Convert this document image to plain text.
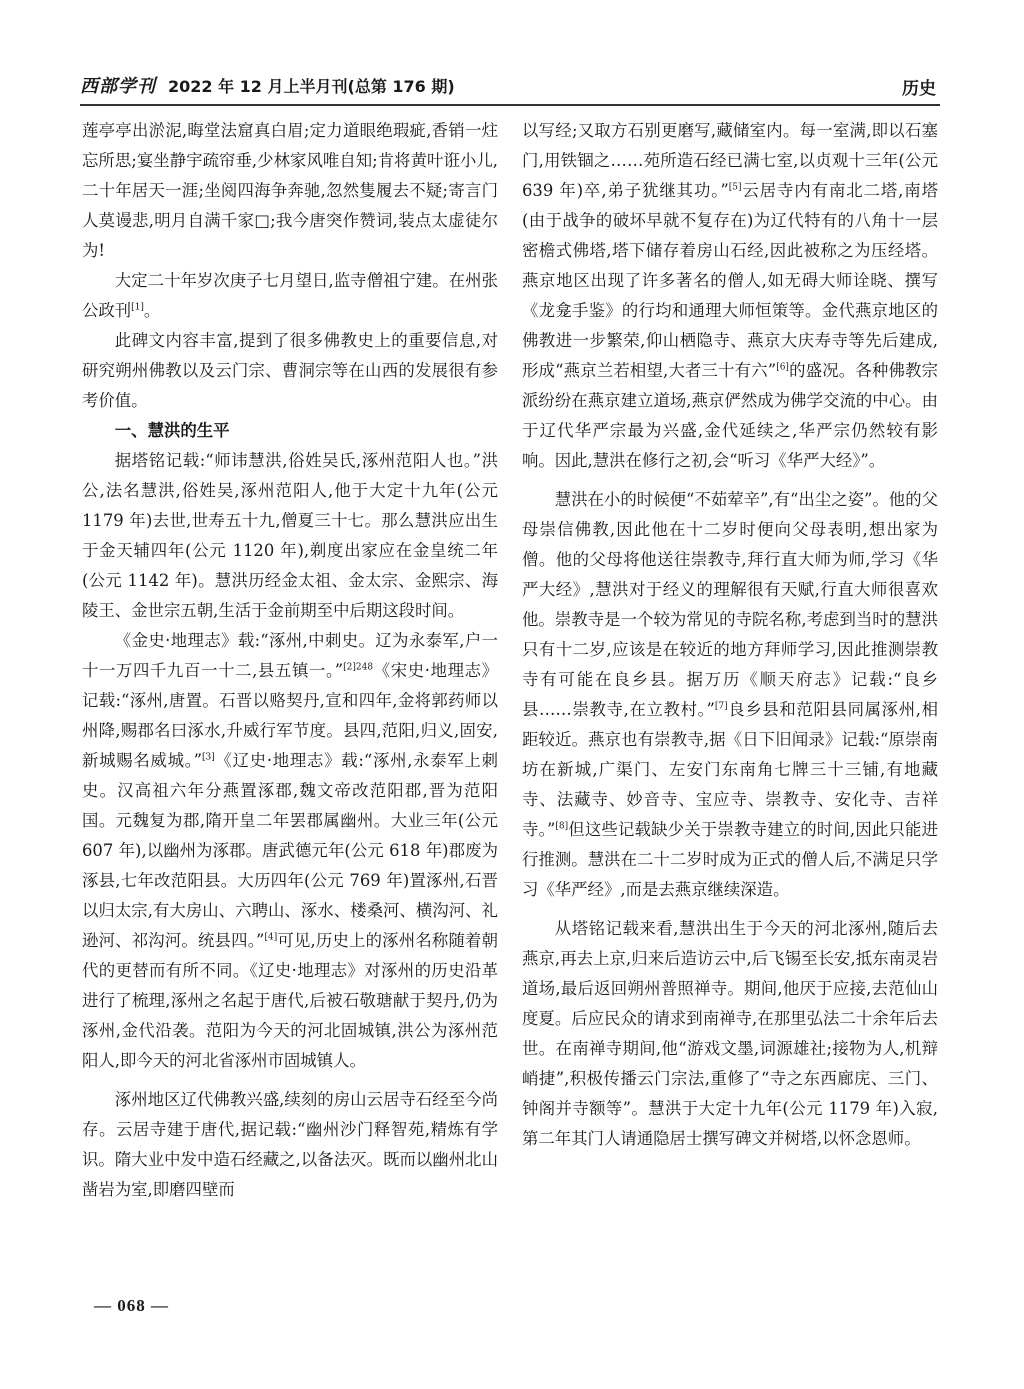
西部学刊 2022 年 12 月上半月刊(总第 176 期)	历史

莲亭亭出淤泥,晦堂法窟真白眉;定力道眼绝瑕疵,香销一炷忘所思;宴坐静宇疏帘垂,少林家风唯自知;肯将黄叶诳小儿,二十年居天一涯;坐阅四海争奔驰,忽然隻履去不疑;寄言门人莫谩悲,明月自满千家□;我今唐突作赞词,装点太虚徒尔为!

大定二十年岁次庚子七月望日,监寺僧祖宁建。在州张公政刊[1]。

此碑文内容丰富,提到了很多佛教史上的重要信息,对研究朔州佛教以及云门宗、曹洞宗等在山西的发展很有参考价值。

一、慧洪的生平

据塔铭记载:“师讳慧洪,俗姓吴氏,涿州范阳人也。”洪公,法名慧洪,俗姓吴,涿州范阳人,他于大定十九年(公元 1179 年)去世,世寿五十九,僧夏三十七。那么慧洪应出生于金天辅四年(公元 1120 年),剃度出家应在金皇统二年(公元 1142 年)。慧洪历经金太祖、金太宗、金熙宗、海陵王、金世宗五朝,生活于金前期至中后期这段时间。

《金史·地理志》载:“涿州,中刺史。辽为永泰军,户一十一万四千九百一十二,县五镇一。”$^{[2]248}$《宋史·地理志》记载:“涿州,唐置。石晋以赂契丹,宣和四年,金将郭药师以州降,赐郡名曰涿水,升威行军节度。县四,范阳,归义,固安,新城赐名威城。”[3]《辽史·地理志》载:“涿州,永泰军上刺史。汉高祖六年分燕置涿郡,魏文帝改范阳郡,晋为范阳国。元魏复为郡,隋开皇二年罢郡属幽州。大业三年(公元 607 年),以幽州为涿郡。唐武德元年(公元 618 年)郡废为涿县,七年改范阳县。大历四年(公元 769 年)置涿州,石晋以归太宗,有大房山、六聘山、涿水、楼桑河、横沟河、礼逊河、祁沟河。统县四。”[4]可见,历史上的涿州名称随着朝代的更替而有所不同。《辽史·地理志》对涿州的历史沿革进行了梳理,涿州之名起于唐代,后被石敬瑭献于契丹,仍为涿州,金代沿袭。范阳为今天的河北固城镇,洪公为涿州范阳人,即今天的河北省涿州市固城镇人。

涿州地区辽代佛教兴盛,续刻的房山云居寺石经至今尚存。云居寺建于唐代,据记载:“幽州沙门释智苑,精炼有学识。隋大业中发中造石经藏之,以备法灭。既而以幽州北山凿岩为室,即磨四壁而

以写经;又取方石别更磨写,藏储室内。每一室满,即以石塞门,用铁锢之……苑所造石经已满七室,以贞观十三年(公元 639 年)卒,弟子犹继其功。”[5]云居寺内有南北二塔,南塔(由于战争的破坏早就不复存在)为辽代特有的八角十一层密檐式佛塔,塔下储存着房山石经,因此被称之为压经塔。燕京地区出现了许多著名的僧人,如无碍大师诠晓、撰写《龙龛手鉴》的行均和通理大师恒策等。金代燕京地区的佛教进一步繁荣,仰山栖隐寺、燕京大庆寿寺等先后建成,形成“燕京兰若相望,大者三十有六”[6]的盛况。各种佛教宗派纷纷在燕京建立道场,燕京俨然成为佛学交流的中心。由于辽代华严宗最为兴盛,金代延续之,华严宗仍然较有影响。因此,慧洪在修行之初,会“听习《华严大经》”。

慧洪在小的时候便“不茹荤辛”,有“出尘之姿”。他的父母崇信佛教,因此他在十二岁时便向父母表明,想出家为僧。他的父母将他送往崇教寺,拜行直大师为师,学习《华严大经》,慧洪对于经义的理解很有天赋,行直大师很喜欢他。崇教寺是一个较为常见的寺院名称,考虑到当时的慧洪只有十二岁,应该是在较近的地方拜师学习,因此推测崇教寺有可能在良乡县。据万历《顺天府志》记载:“良乡县……崇教寺,在立教村。”[7]良乡县和范阳县同属涿州,相距较近。燕京也有崇教寺,据《日下旧闻录》记载:“原崇南坊在新城,广渠门、左安门东南角七牌三十三铺,有地藏寺、法藏寺、妙音寺、宝应寺、崇教寺、安化寺、吉祥寺。”[8]但这些记载缺少关于崇教寺建立的时间,因此只能进行推测。慧洪在二十二岁时成为正式的僧人后,不满足只学习《华严经》,而是去燕京继续深造。

从塔铭记载来看,慧洪出生于今天的河北涿州,随后去燕京,再去上京,归来后造访云中,后飞锡至长安,抵东南灵岩道场,最后返回朔州普照禅寺。期间,他厌于应接,去范仙山度夏。后应民众的请求到南禅寺,在那里弘法二十余年后去世。在南禅寺期间,他“游戏文墨,词源雄社;接物为人,机辩峭捷”,积极传播云门宗法,重修了“寺之东西廊庑、三门、钟阁并寺额等”。慧洪于大定十九年(公元 1179 年)入寂,第二年其门人请通隐居士撰写碑文并树塔,以怀念恩师。

— 068 —
